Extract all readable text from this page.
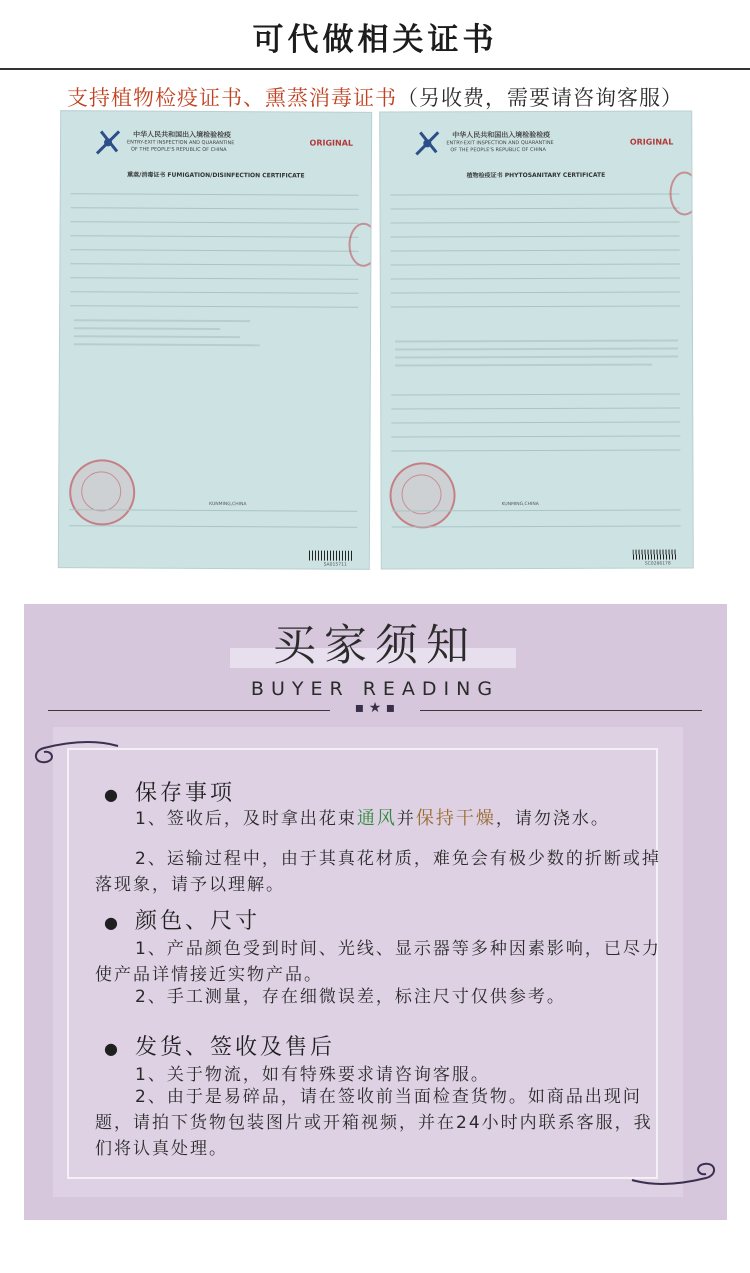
可代做相关证书
支持植物检疫证书、熏蒸消毒证书（另收费，需要请咨询客服）
中华人民共和国出入境检验检疫
ENTRY-EXIT INSPECTION AND QUARANTINE
OF THE PEOPLE'S REPUBLIC OF CHINA
ORIGINAL
熏蒸/消毒证书 FUMIGATION/DISINFECTION CERTIFICATE
KUNMING,CHINA
SA015711
中华人民共和国出入境检验检疫
ENTRY-EXIT INSPECTION AND QUARANTINE
OF THE PEOPLE'S REPUBLIC OF CHINA
ORIGINAL
植物检疫证书 PHYTOSANITARY CERTIFICATE
KUNMING,CHINA
SC0286178
买家须知
BUYER READING
▪ ★ ▪
● 保存事项
1、签收后，及时拿出花束通风并保持干燥，请勿浇水。
2、运输过程中，由于其真花材质，难免会有极少数的折断或掉落现象，请予以理解。
● 颜色、尺寸
1、产品颜色受到时间、光线、显示器等多种因素影响，已尽力使产品详情接近实物产品。
2、手工测量，存在细微误差，标注尺寸仅供参考。
● 发货、签收及售后
1、关于物流，如有特殊要求请咨询客服。
2、由于是易碎品，请在签收前当面检查货物。如商品出现问题，请拍下货物包装图片或开箱视频，并在24小时内联系客服，我们将认真处理。
